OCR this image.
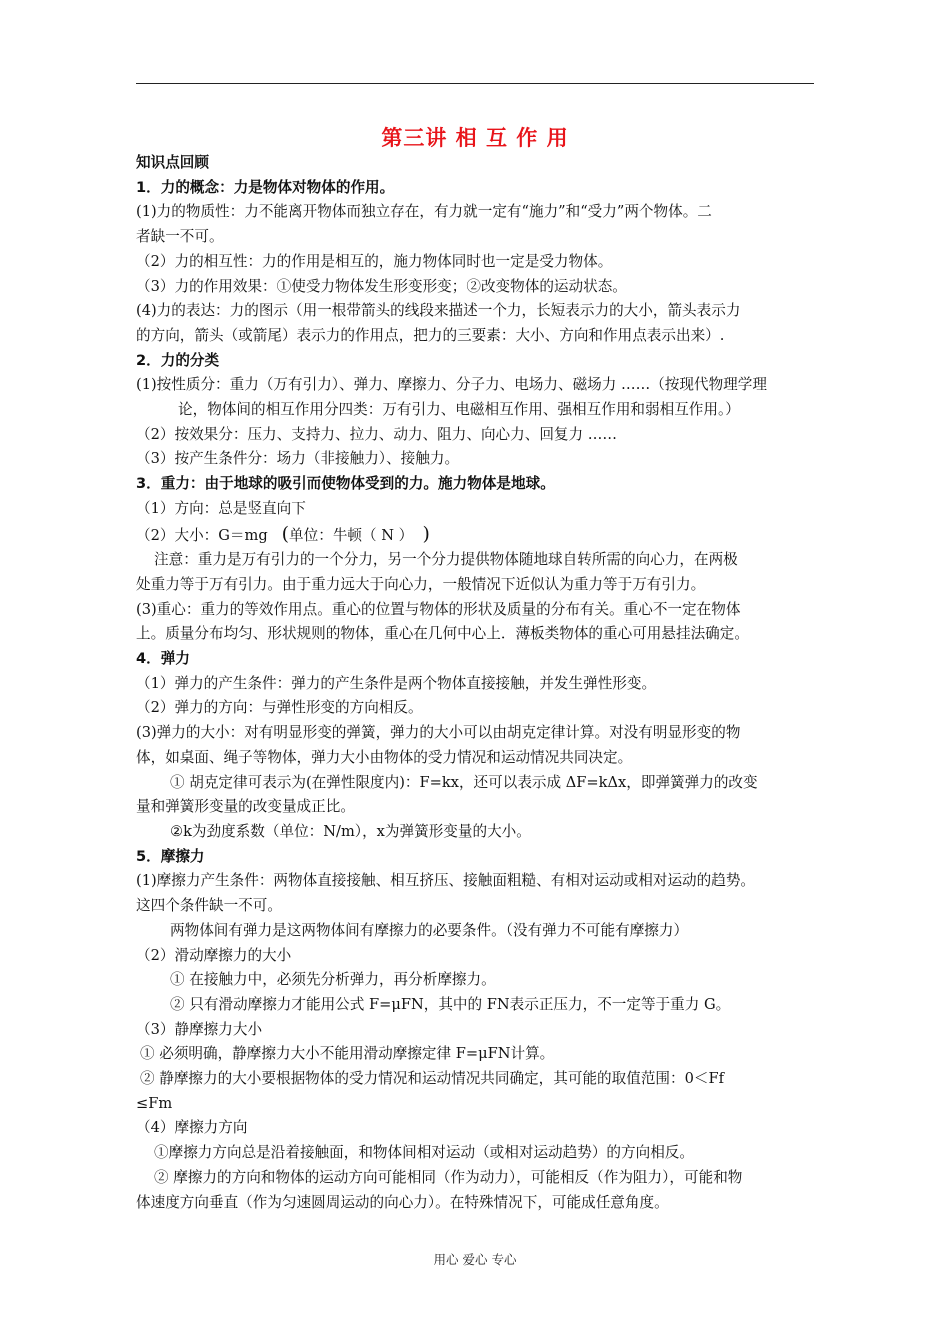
第三讲 相 互 作 用

知识点回顾

1．力的概念：力是物体对物体的作用。

(1)力的物质性：力不能离开物体而独立存在，有力就一定有“施力”和“受力”两个物体。二

者缺一不可。

（2）力的相互性：力的作用是相互的，施力物体同时也一定是受力物体。

（3）力的作用效果：①使受力物体发生形变形变；②改变物体的运动状态。

(4)力的表达：力的图示（用一根带箭头的线段来描述一个力，长短表示力的大小，箭头表示力

的方向，箭头（或箭尾）表示力的作用点，把力的三要素：大小、方向和作用点表示出来）.

2．力的分类

(1)按性质分：重力（万有引力）、弹力、摩擦力、分子力、电场力、磁场力 ……（按现代物理学理

论，物体间的相互作用分四类：万有引力、电磁相互作用、强相互作用和弱相互作用。）

（2）按效果分：压力、支持力、拉力、动力、阻力、向心力、回复力 ……

（3）按产生条件分：场力（非接触力）、接触力。

3．重力：由于地球的吸引而使物体受到的力。施力物体是地球。

（1）方向：总是竖直向下

（2）大小：G＝mg (单位：牛顿（ N ） )

注意：重力是万有引力的一个分力，另一个分力提供物体随地球自转所需的向心力，在两极

处重力等于万有引力。由于重力远大于向心力，一般情况下近似认为重力等于万有引力。

(3)重心：重力的等效作用点。重心的位置与物体的形状及质量的分布有关。重心不一定在物体

上。质量分布均匀、形状规则的物体，重心在几何中心上．薄板类物体的重心可用悬挂法确定。

4．弹力

（1）弹力的产生条件：弹力的产生条件是两个物体直接接触，并发生弹性形变。

（2）弹力的方向：与弹性形变的方向相反。

(3)弹力的大小：对有明显形变的弹簧，弹力的大小可以由胡克定律计算。对没有明显形变的物

体，如桌面、绳子等物体，弹力大小由物体的受力情况和运动情况共同决定。

① 胡克定律可表示为(在弹性限度内)：F=kx，还可以表示成 ΔF=kΔx，即弹簧弹力的改变

量和弹簧形变量的改变量成正比。

②k为劲度系数（单位：N/m），x为弹簧形变量的大小。

5．摩擦力

(1)摩擦力产生条件：两物体直接接触、相互挤压、接触面粗糙、有相对运动或相对运动的趋势。

这四个条件缺一不可。

两物体间有弹力是这两物体间有摩擦力的必要条件。（没有弹力不可能有摩擦力）

（2）滑动摩擦力的大小

① 在接触力中，必须先分析弹力，再分析摩擦力。

② 只有滑动摩擦力才能用公式 F=μFN，其中的 FN表示正压力，不一定等于重力 G。

（3）静摩擦力大小

① 必须明确，静摩擦力大小不能用滑动摩擦定律 F=μFN计算。

② 静摩擦力的大小要根据物体的受力情况和运动情况共同确定，其可能的取值范围：0＜Ff

≤Fm

（4）摩擦力方向

①摩擦力方向总是沿着接触面，和物体间相对运动（或相对运动趋势）的方向相反。

② 摩擦力的方向和物体的运动方向可能相同（作为动力），可能相反（作为阻力），可能和物

体速度方向垂直（作为匀速圆周运动的向心力）。在特殊情况下，可能成任意角度。

用心 爱心 专心
